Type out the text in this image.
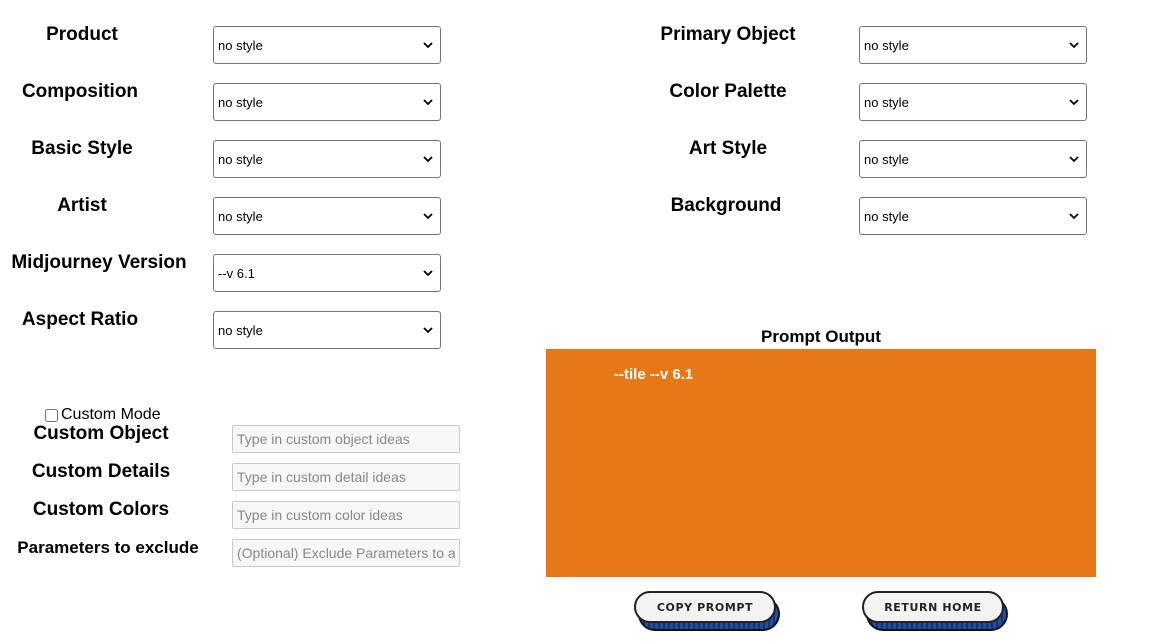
Product
Composition
Basic Style
Artist
Midjourney Version
Aspect Ratio
no style
no style
no style
no style
--v 6.1
no style
Primary Object
Color Palette
Art Style
Background
no style
no style
no style
no style
Custom Mode
Custom Object
Type in custom object ideas
Custom Details
Type in custom detail ideas
Custom Colors
Type in custom color ideas
Parameters to exclude
(Optional) Exclude Parameters to add
Prompt Output
--tile --v 6.1
COPY PROMPT	RETURN HOME
